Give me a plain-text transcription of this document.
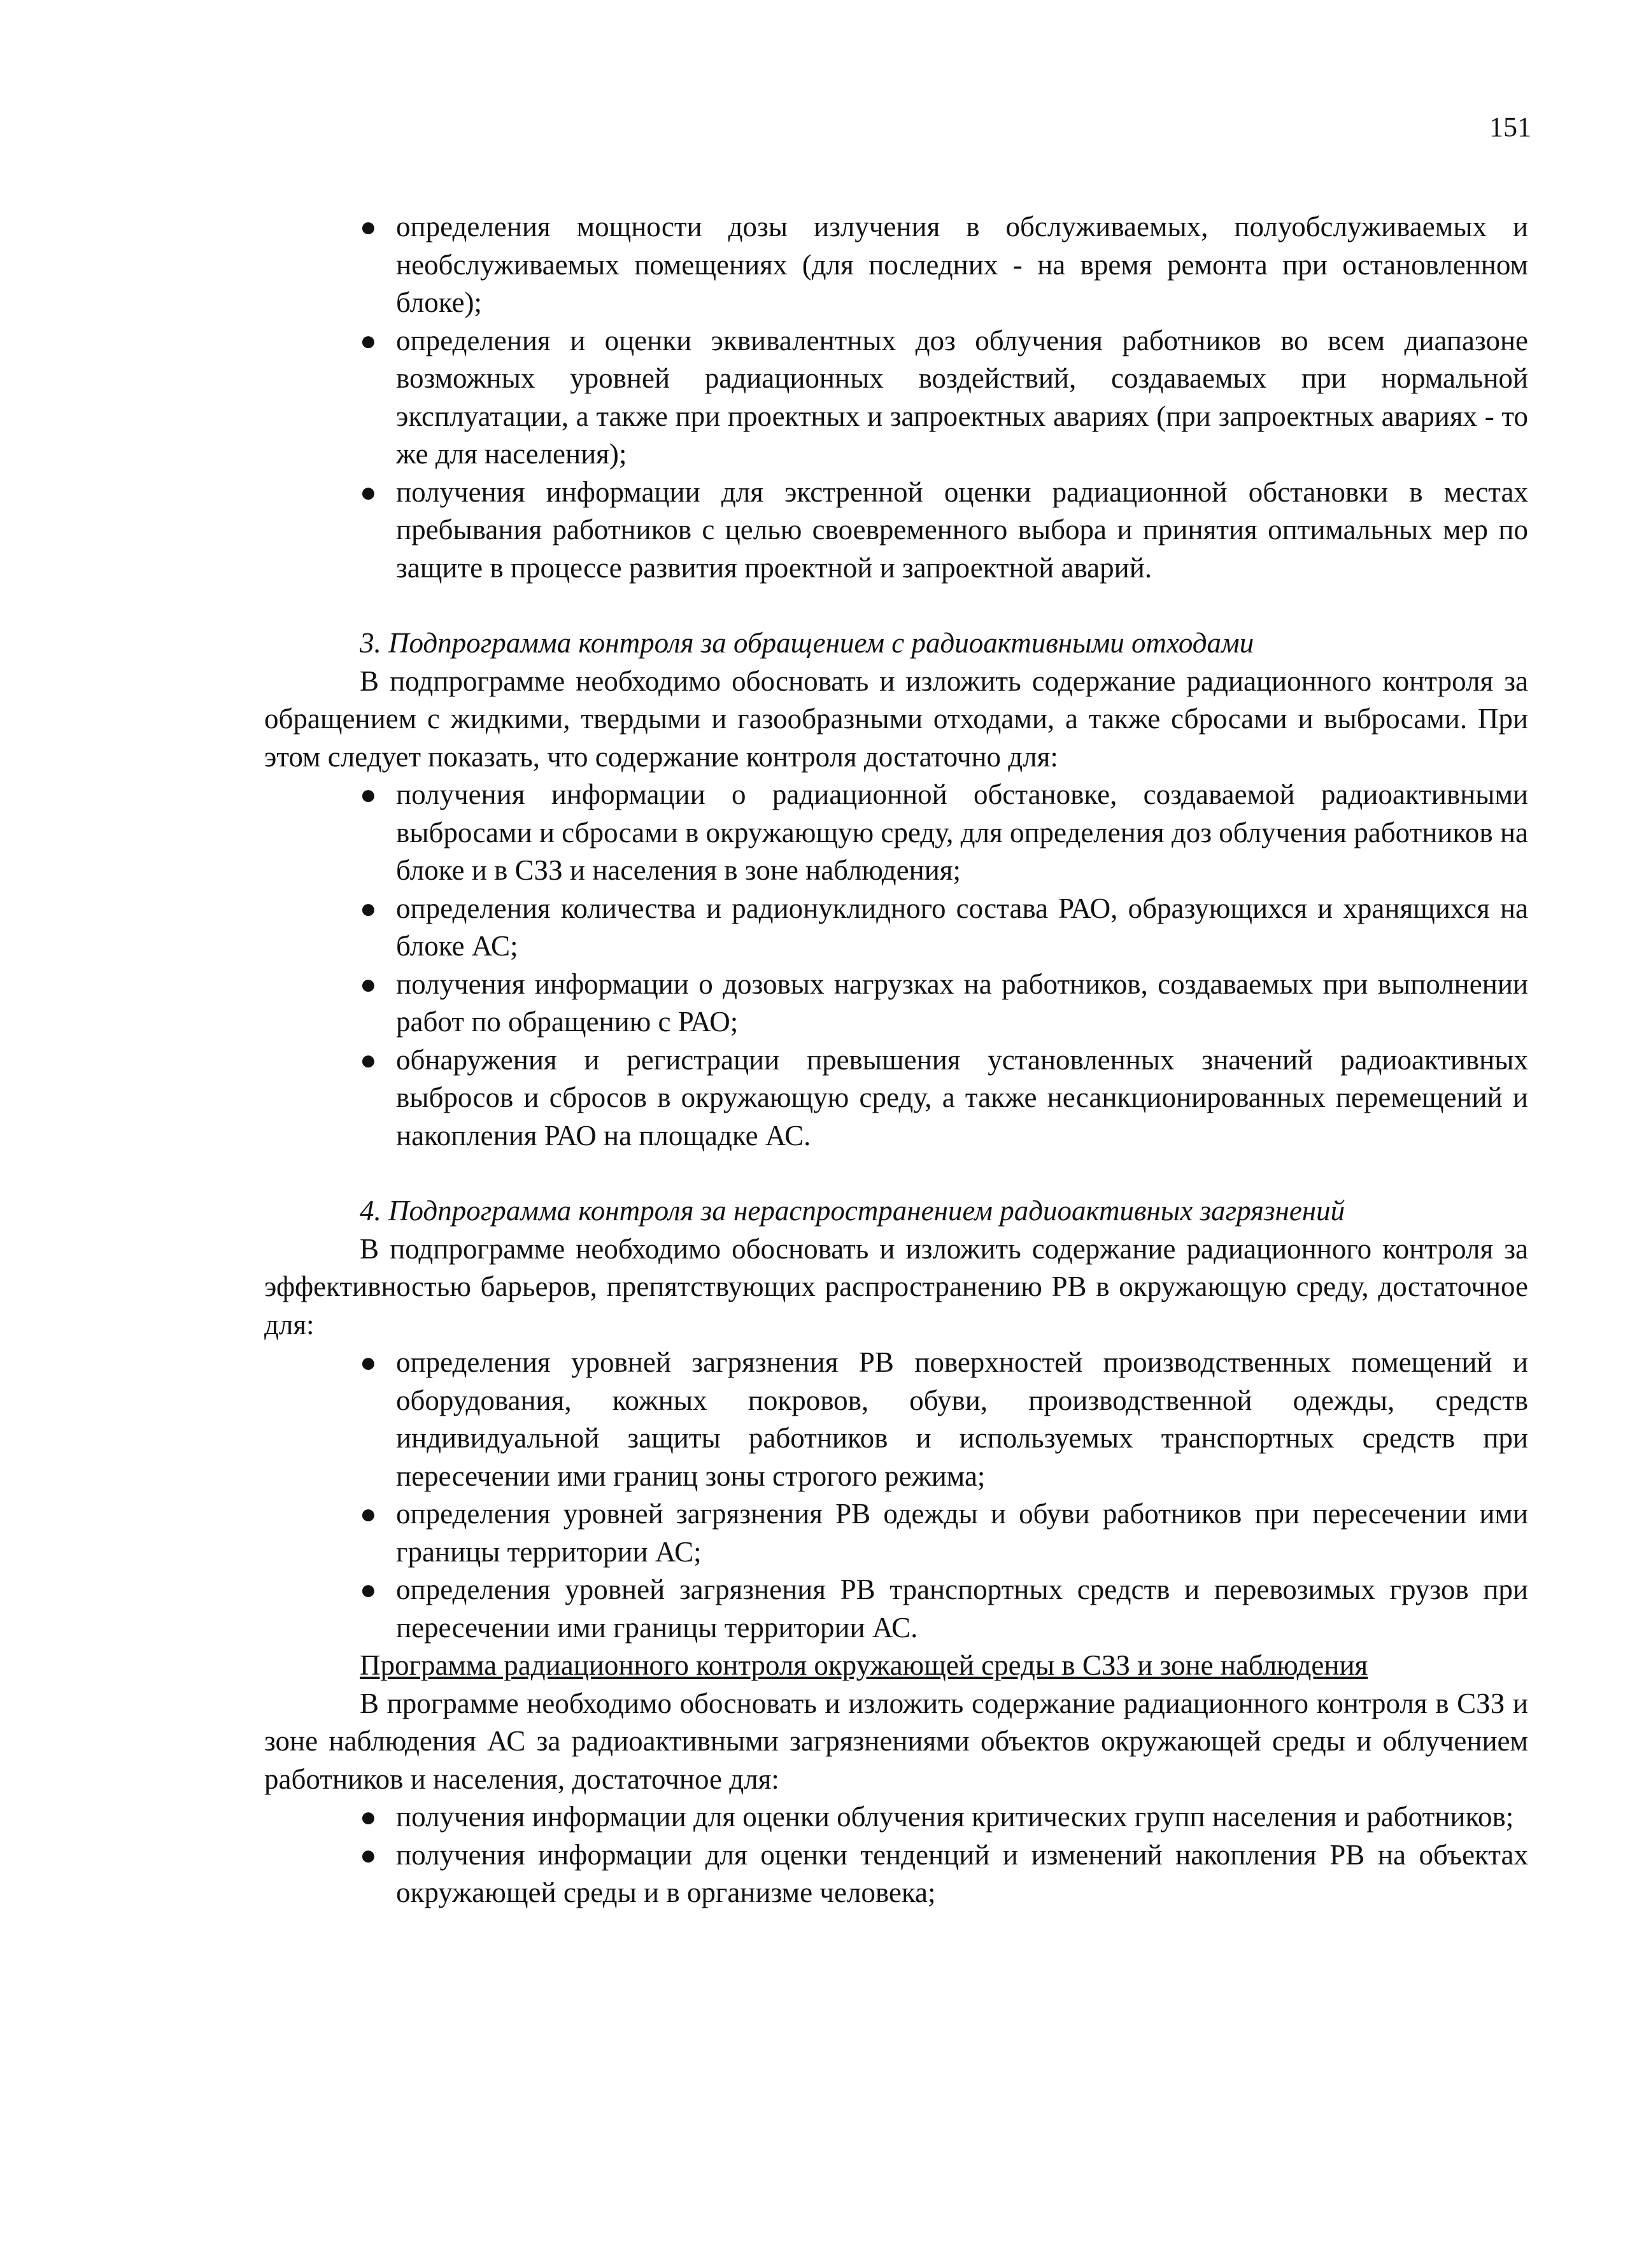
151
● определения мощности дозы излучения в обслуживаемых, полуобслуживаемых и необслуживаемых помещениях (для последних - на время ремонта при остановленном блоке);
● определения и оценки эквивалентных доз облучения работников во всем диапазоне возможных уровней радиационных воздействий, создаваемых при нормальной эксплуатации, а также при проектных и запроектных авариях (при запроектных авариях - то же для населения);
● получения информации для экстренной оценки радиационной обстановки в местах пребывания работников с целью своевременного выбора и принятия оптимальных мер по защите в процессе развития проектной и запроектной аварий.

3. Подпрограмма контроля за обращением с радиоактивными отходами

В подпрограмме необходимо обосновать и изложить содержание радиационного контроля за обращением с жидкими, твердыми и газообразными отходами, а также сбросами и выбросами. При этом следует показать, что содержание контроля достаточно для:

● получения информации о радиационной обстановке, создаваемой радиоактивными выбросами и сбросами в окружающую среду, для определения доз облучения работников на блоке и в СЗЗ и населения в зоне наблюдения;
● определения количества и радионуклидного состава РАО, образующихся и хранящихся на блоке АС;
● получения информации о дозовых нагрузках на работников, создаваемых при выполнении работ по обращению с РАО;
● обнаружения и регистрации превышения установленных значений радиоактивных выбросов и сбросов в окружающую среду, а также несанкционированных перемещений и накопления РАО на площадке АС.

4. Подпрограмма контроля за нераспространением радиоактивных загрязнений

В подпрограмме необходимо обосновать и изложить содержание радиационного контроля за эффективностью барьеров, препятствующих распространению РВ в окружающую среду, достаточное для:

● определения уровней загрязнения РВ поверхностей производственных помещений и оборудования, кожных покровов, обуви, производственной одежды, средств индивидуальной защиты работников и используемых транспортных средств при пересечении ими границ зоны строгого режима;
● определения уровней загрязнения РВ одежды и обуви работников при пересечении ими границы территории АС;
● определения уровней загрязнения РВ транспортных средств и перевозимых грузов при пересечении ими границы территории АС.

Программа радиационного контроля окружающей среды в СЗЗ и зоне наблюдения

В программе необходимо обосновать и изложить содержание радиационного контроля в СЗЗ и зоне наблюдения АС за радиоактивными загрязнениями объектов окружающей среды и облучением работников и населения, достаточное для:

● получения информации для оценки облучения критических групп населения и работников;
● получения информации для оценки тенденций и изменений накопления РВ на объектах окружающей среды и в организме человека;
